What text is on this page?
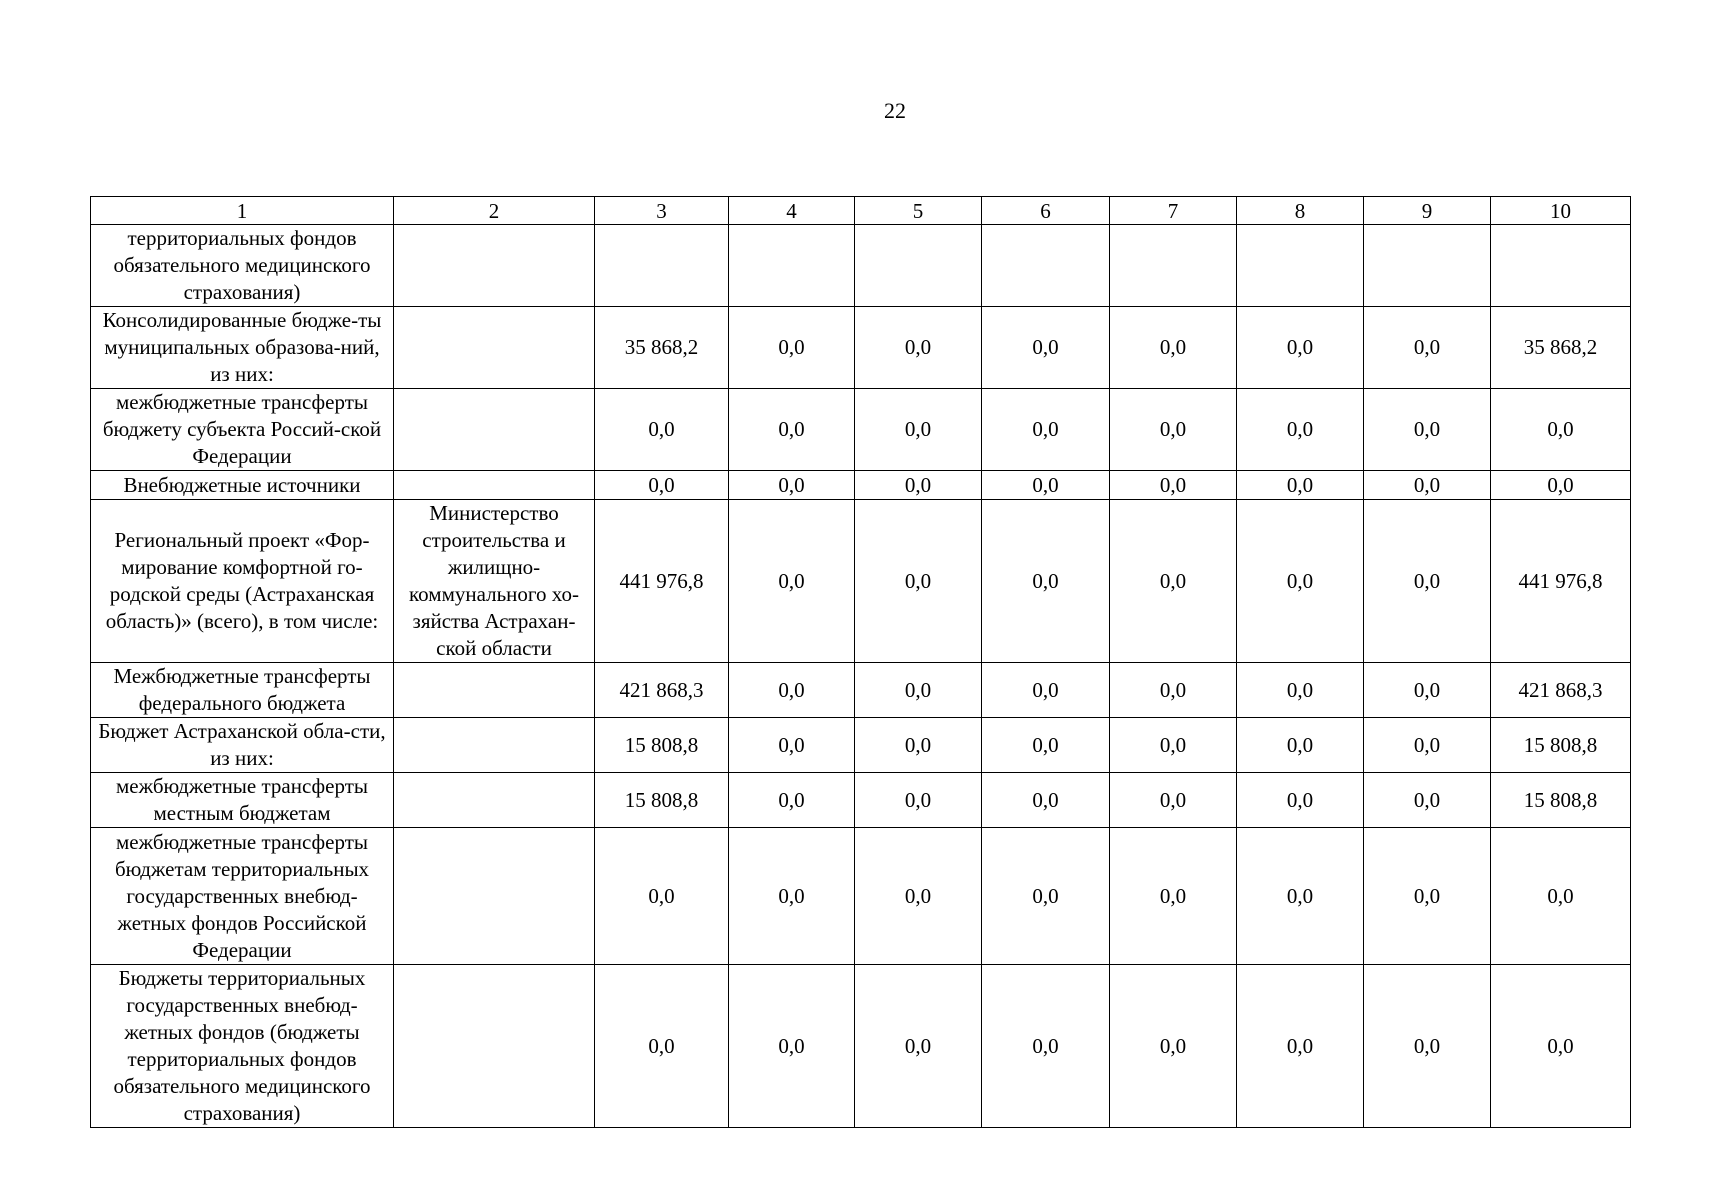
22
1	2	3	4	5	6	7	8	9	10
территориальных фондов обязательного медицинского страхования)									
Консолидированные бюдже-ты муниципальных образова-ний, из них:		35 868,2	0,0	0,0	0,0	0,0	0,0	0,0	35 868,2
межбюджетные трансферты бюджету субъекта Россий-ской Федерации		0,0	0,0	0,0	0,0	0,0	0,0	0,0	0,0
Внебюджетные источники		0,0	0,0	0,0	0,0	0,0	0,0	0,0	0,0
Региональный проект «Фор-мирование комфортной го-родской среды (Астраханская область)» (всего), в том числе:	Министерство строительства и жилищно-коммунального хо-зяйства Астрахан-ской области	441 976,8	0,0	0,0	0,0	0,0	0,0	0,0	441 976,8
Межбюджетные трансферты федерального бюджета		421 868,3	0,0	0,0	0,0	0,0	0,0	0,0	421 868,3
Бюджет Астраханской обла-сти, из них:		15 808,8	0,0	0,0	0,0	0,0	0,0	0,0	15 808,8
межбюджетные трансферты местным бюджетам		15 808,8	0,0	0,0	0,0	0,0	0,0	0,0	15 808,8
межбюджетные трансферты бюджетам территориальных государственных внебюд-жетных фондов Российской Федерации		0,0	0,0	0,0	0,0	0,0	0,0	0,0	0,0
Бюджеты территориальных государственных внебюд-жетных фондов (бюджеты территориальных фондов обязательного медицинского страхования)		0,0	0,0	0,0	0,0	0,0	0,0	0,0	0,0
